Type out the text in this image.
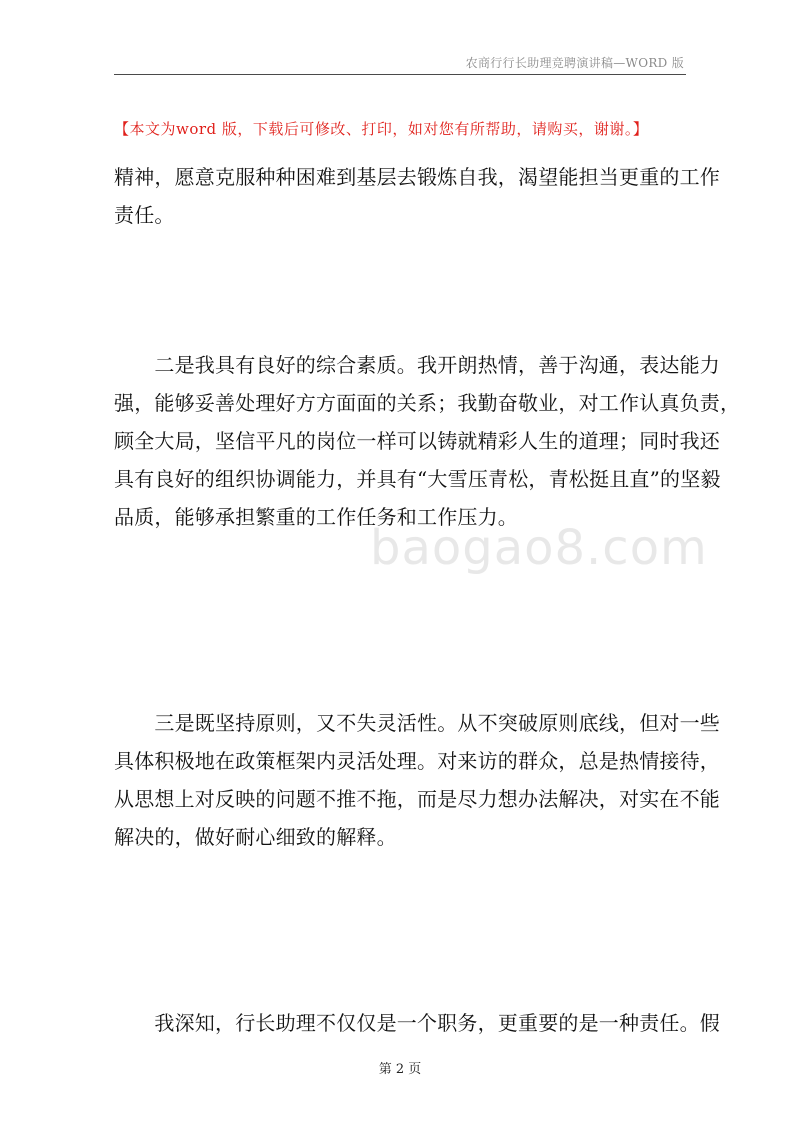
农商行行长助理竞聘演讲稿—WORD 版
【本文为word 版，下载后可修改、打印，如对您有所帮助，请购买，谢谢。】

精神，愿意克服种种困难到基层去锻炼自我，渴望能担当更重的工作
责任。

　　二是我具有良好的综合素质。我开朗热情，善于沟通，表达能力
强，能够妥善处理好方方面面的关系；我勤奋敬业，对工作认真负责，
顾全大局，坚信平凡的岗位一样可以铸就精彩人生的道理；同时我还
具有良好的组织协调能力，并具有“大雪压青松，青松挺且直”的坚毅
品质，能够承担繁重的工作任务和工作压力。

　　三是既坚持原则，又不失灵活性。从不突破原则底线，但对一些
具体积极地在政策框架内灵活处理。对来访的群众，总是热情接待，
从思想上对反映的问题不推不拖，而是尽力想办法解决，对实在不能
解决的，做好耐心细致的解释。

　　我深知，行长助理不仅仅是一个职务，更重要的是一种责任。假

baogao8.com
第 2 页
